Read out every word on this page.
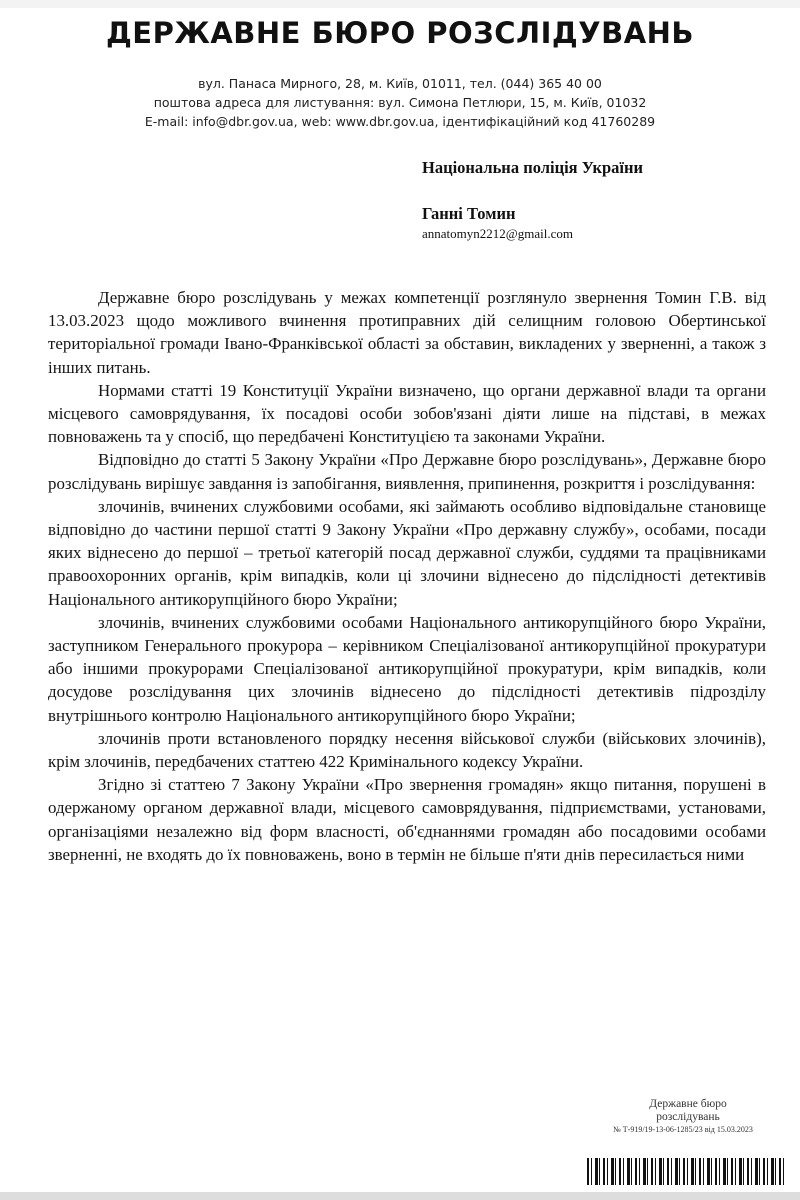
ДЕРЖАВНЕ БЮРО РОЗСЛІДУВАНЬ
вул. Панаса Мирного, 28, м. Київ, 01011, тел. (044) 365 40 00
поштова адреса для листування: вул. Симона Петлюри, 15, м. Київ, 01032
E-mail: info@dbr.gov.ua, web: www.dbr.gov.ua, ідентифікаційний код 41760289
Національна поліція України
Ганні Томин
annatomyn2212@gmail.com

Державне бюро розслідувань у межах компетенції розглянуло звернення Томин Г.В. від 13.03.2023 щодо можливого вчинення протиправних дій селищним головою Обертинської територіальної громади Івано-Франківської області за обставин, викладених у зверненні, а також з інших питань.

Нормами статті 19 Конституції України визначено, що органи державної влади та органи місцевого самоврядування, їх посадові особи зобов'язані діяти лише на підставі, в межах повноважень та у спосіб, що передбачені Конституцією та законами України.

Відповідно до статті 5 Закону України «Про Державне бюро розслідувань», Державне бюро розслідувань вирішує завдання із запобігання, виявлення, припинення, розкриття і розслідування:

злочинів, вчинених службовими особами, які займають особливо відповідальне становище відповідно до частини першої статті 9 Закону України «Про державну службу», особами, посади яких віднесено до першої – третьої категорій посад державної служби, суддями та працівниками правоохоронних органів, крім випадків, коли ці злочини віднесено до підслідності детективів Національного антикорупційного бюро України;

злочинів, вчинених службовими особами Національного антикорупційного бюро України, заступником Генерального прокурора – керівником Спеціалізованої антикорупційної прокуратури або іншими прокурорами Спеціалізованої антикорупційної прокуратури, крім випадків, коли досудове розслідування цих злочинів віднесено до підслідності детективів підрозділу внутрішнього контролю Національного антикорупційного бюро України;

злочинів проти встановленого порядку несення військової служби (військових злочинів), крім злочинів, передбачених статтею 422 Кримінального кодексу України.

Згідно зі статтею 7 Закону України «Про звернення громадян» якщо питання, порушені в одержаному органом державної влади, місцевого самоврядування, підприємствами, установами, організаціями незалежно від форм власності, об'єднаннями громадян або посадовими особами зверненні, не входять до їх повноважень, воно в термін не більше п'яти днів пересилається ними

Державне бюро
розслідувань
№ Т-919/19-13-06-1285/23 від 15.03.2023
